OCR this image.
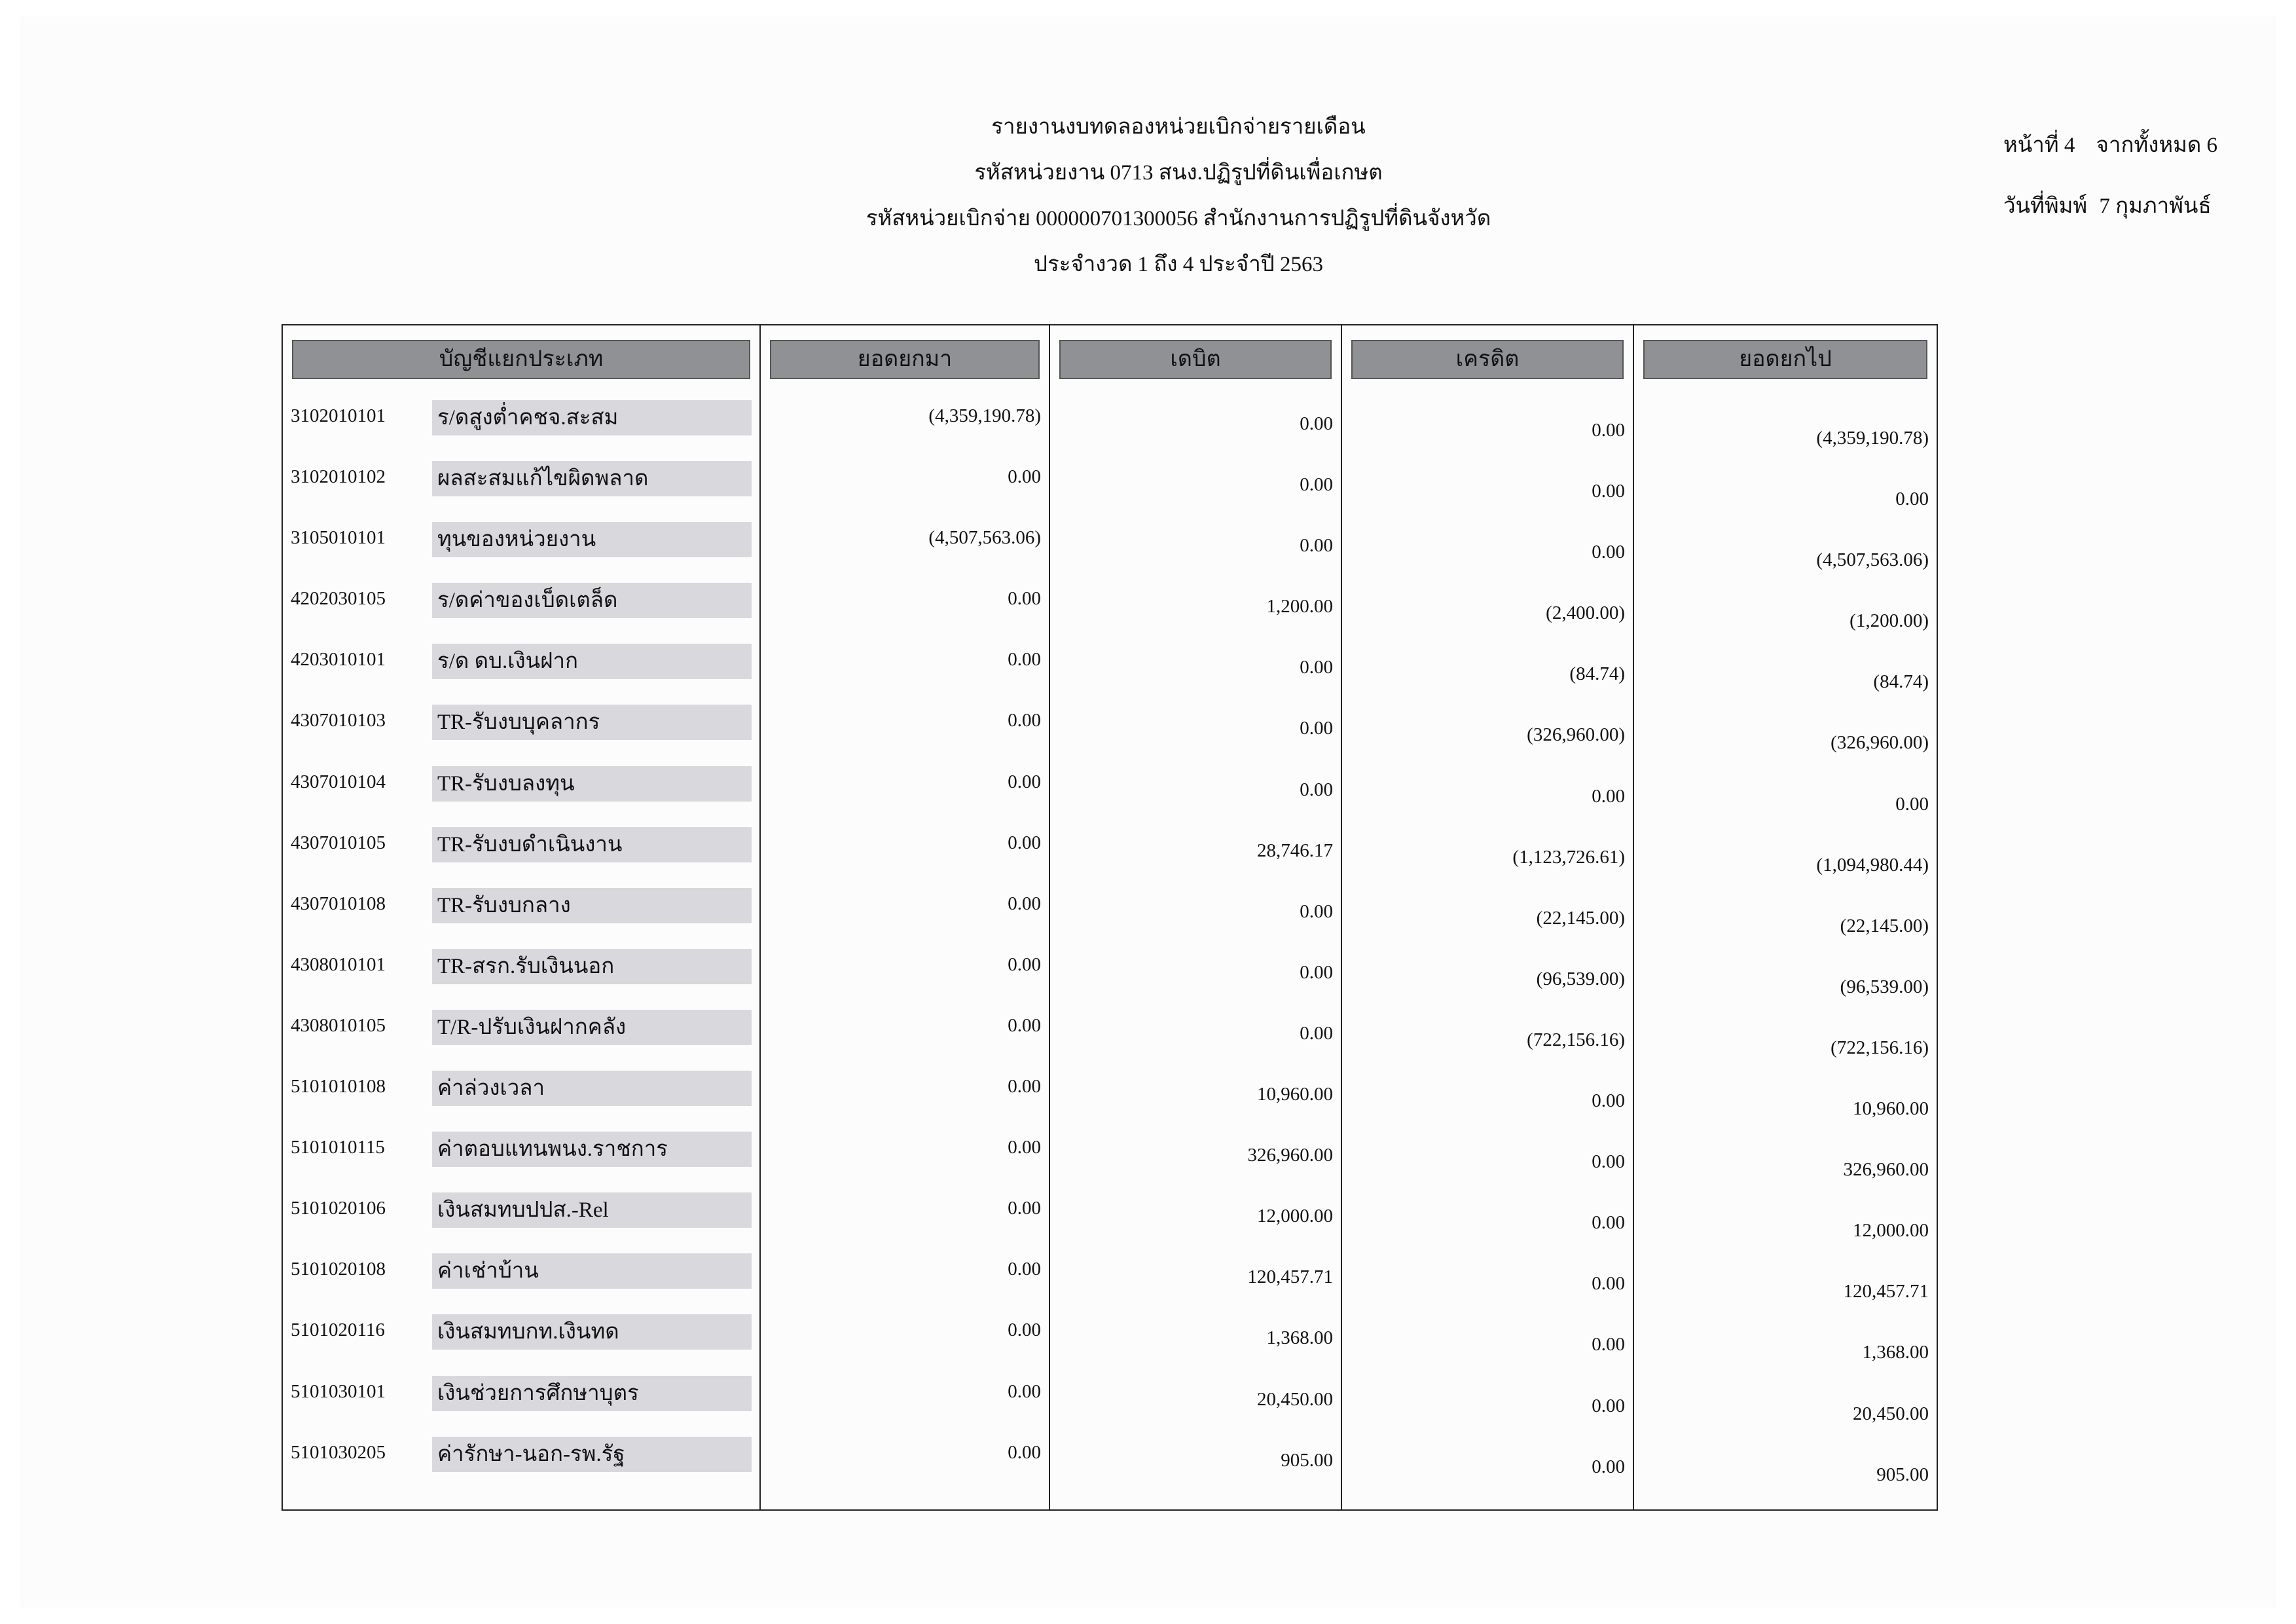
รายงานงบทดลองหน่วยเบิกจ่ายรายเดือน
รหัสหน่วยงาน 0713 สนง.ปฏิรูปที่ดินเพื่อเกษต
รหัสหน่วยเบิกจ่าย 000000701300056 สำนักงานการปฏิรูปที่ดินจังหวัด
ประจำงวด 1 ถึง 4 ประจำปี 2563
หน้าที่ 4 จากทั้งหมด 6
วันที่พิมพ์ 7 กุมภาพันธ์
บัญชีแยกประเภท
3102010101 ร/ดสูงต่ำคชจ.สะสม
3102010102 ผลสะสมแก้ไขผิดพลาด
3105010101 ทุนของหน่วยงาน
4202030105 ร/ดค่าของเบ็ดเตล็ด
4203010101 ร/ด ดบ.เงินฝาก
4307010103 TR-รับงบบุคลากร
4307010104 TR-รับงบลงทุน
4307010105 TR-รับงบดำเนินงาน
4307010108 TR-รับงบกลาง
4308010101 TR-สรก.รับเงินนอก
4308010105 T/R-ปรับเงินฝากคลัง
5101010108 ค่าล่วงเวลา
5101010115 ค่าตอบแทนพนง.ราชการ
5101020106 เงินสมทบปปส.-Rel
5101020108 ค่าเช่าบ้าน
5101020116 เงินสมทบกท.เงินทด
5101030101 เงินช่วยการศึกษาบุตร
5101030205 ค่ารักษา-นอก-รพ.รัฐ
ยอดยกมา
(4,359,190.78)
0.00
(4,507,563.06)
0.00
0.00
0.00
0.00
0.00
0.00
0.00
0.00
0.00
0.00
0.00
0.00
0.00
0.00
0.00
เดบิต
0.00
0.00
0.00
1,200.00
0.00
0.00
0.00
28,746.17
0.00
0.00
0.00
10,960.00
326,960.00
12,000.00
120,457.71
1,368.00
20,450.00
905.00
เครดิต
0.00
0.00
0.00
(2,400.00)
(84.74)
(326,960.00)
0.00
(1,123,726.61)
(22,145.00)
(96,539.00)
(722,156.16)
0.00
0.00
0.00
0.00
0.00
0.00
0.00
ยอดยกไป
(4,359,190.78)
0.00
(4,507,563.06)
(1,200.00)
(84.74)
(326,960.00)
0.00
(1,094,980.44)
(22,145.00)
(96,539.00)
(722,156.16)
10,960.00
326,960.00
12,000.00
120,457.71
1,368.00
20,450.00
905.00
